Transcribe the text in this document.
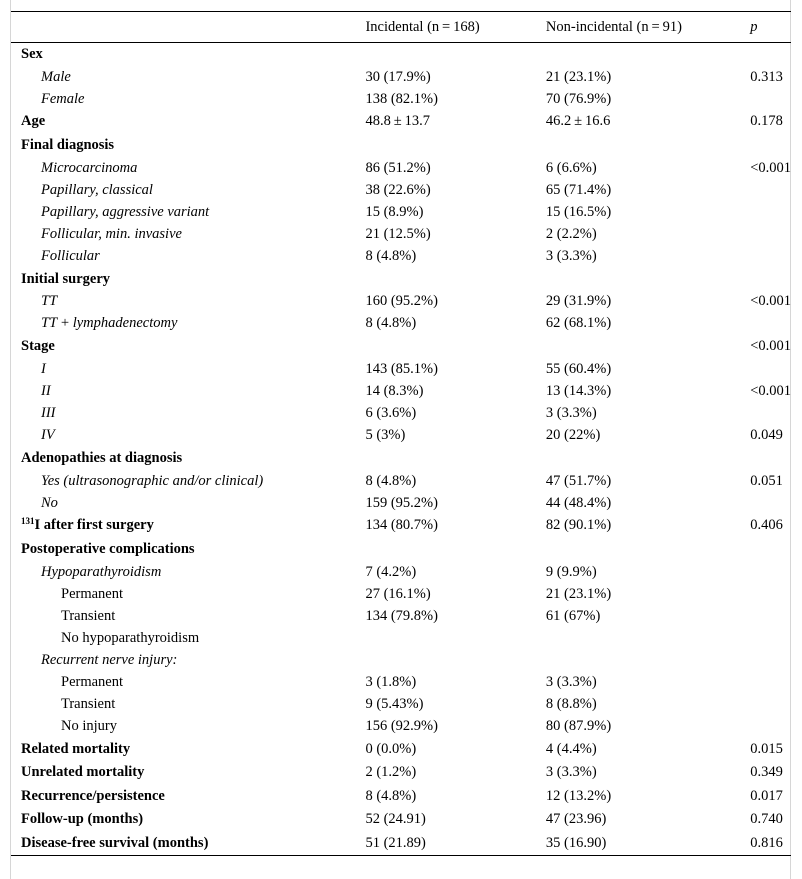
	Incidental (n = 168)	Non-incidental (n = 91)	p
Sex			
Male	30 (17.9%)	21 (23.1%)	0.313
Female	138 (82.1%)	70 (76.9%)	
Age	48.8 ± 13.7	46.2 ± 16.6	0.178
Final diagnosis			
Microcarcinoma	86 (51.2%)	6 (6.6%)	<0.001
Papillary, classical	38 (22.6%)	65 (71.4%)	
Papillary, aggressive variant	15 (8.9%)	15 (16.5%)	
Follicular, min. invasive	21 (12.5%)	2 (2.2%)	
Follicular	8 (4.8%)	3 (3.3%)	
Initial surgery			
TT	160 (95.2%)	29 (31.9%)	<0.001
TT + lymphadenectomy	8 (4.8%)	62 (68.1%)	
Stage			<0.001
I	143 (85.1%)	55 (60.4%)	
II	14 (8.3%)	13 (14.3%)	<0.001
III	6 (3.6%)	3 (3.3%)	
IV	5 (3%)	20 (22%)	0.049
Adenopathies at diagnosis			
Yes (ultrasonographic and/or clinical)	8 (4.8%)	47 (51.7%)	0.051
No	159 (95.2%)	44 (48.4%)	
$^{131}$I after first surgery	134 (80.7%)	82 (90.1%)	0.406
Postoperative complications			
Hypoparathyroidism	7 (4.2%)	9 (9.9%)	
Permanent	27 (16.1%)	21 (23.1%)	
Transient	134 (79.8%)	61 (67%)	
No hypoparathyroidism			
Recurrent nerve injury:			
Permanent	3 (1.8%)	3 (3.3%)	
Transient	9 (5.43%)	8 (8.8%)	
No injury	156 (92.9%)	80 (87.9%)	
Related mortality	0 (0.0%)	4 (4.4%)	0.015
Unrelated mortality	2 (1.2%)	3 (3.3%)	0.349
Recurrence/persistence	8 (4.8%)	12 (13.2%)	0.017
Follow-up (months)	52 (24.91)	47 (23.96)	0.740
Disease-free survival (months)	51 (21.89)	35 (16.90)	0.816
